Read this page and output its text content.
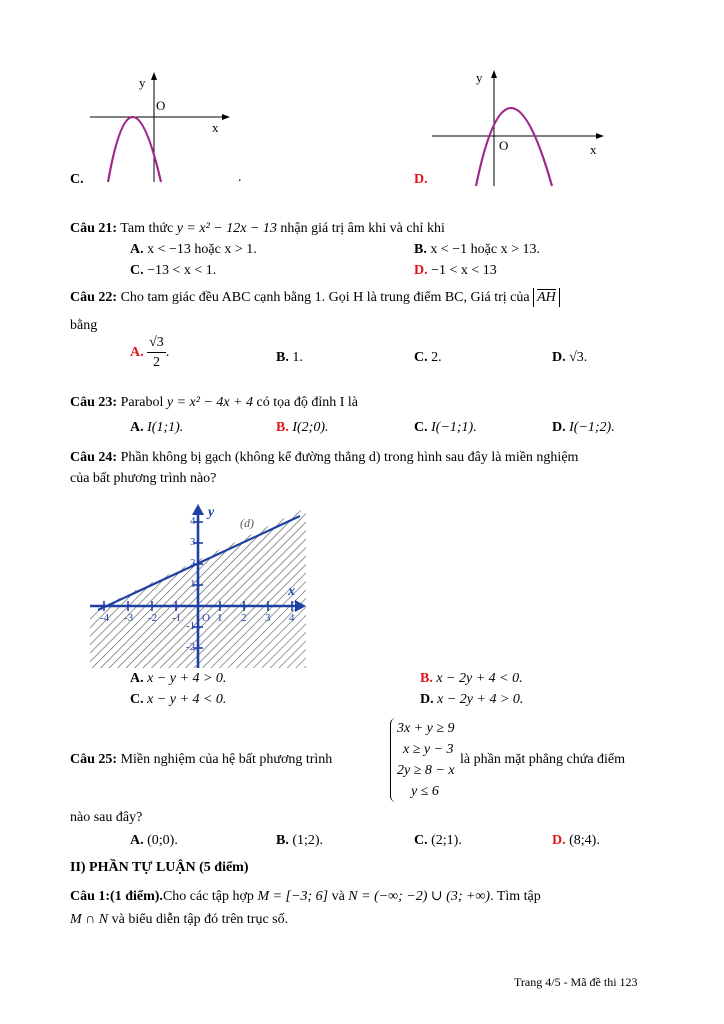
y
O
x
C.	.
y
O	x
D.
Câu 21: Tam thức y = x² − 12x − 13 nhận giá trị âm khi và chỉ khi
A. x < −13 hoặc x > 1.	B. x < −1 hoặc x > 13.
C. −13 < x < 1.	D. −1 < x < 13
Câu 22: Cho tam giác đều ABC cạnh bằng 1. Gọi H là trung điểm BC, Giá trị của AH
bằng
A. $\frac{√3}{2}$ .	B. 1.	C. 2.	D. √3.
Câu 23: Parabol y = x² − 4x + 4 có tọa độ đỉnh I là
A. I(1;1).	B. I(2;0).	C. I(−1;1).	D. I(−1;2).
Câu 24: Phần không bị gạch (không kể đường thẳng d) trong hình sau đây là miền nghiệm
của bất phương trình nào?
(d)
y
x
-4 -3 -2 -1 O 1 2 3 4
4
3
2
1
-1
-2
A. x − y + 4 > 0.	B. x − 2y + 4 < 0.
C. x − y + 4 < 0.	D. x − 2y + 4 > 0.
Câu 25: Miền nghiệm của hệ bất phương trình
3x + y ≥ 9
x ≥ y − 3
2y ≥ 8 − x
y ≤ 6
là phần mặt phẳng chứa điểm
nào sau đây?
A. (0;0).	B. (1;2).	C. (2;1).	D. (8;4).
II) PHẦN TỰ LUẬN (5 điểm)
Câu 1:(1 điểm).Cho các tập hợp M = [−3; 6] và N = (−∞; −2) ∪ (3; +∞). Tìm tập
M ∩ N và biểu diễn tập đó trên trục số.
Trang 4/5 - Mã đề thi 123
